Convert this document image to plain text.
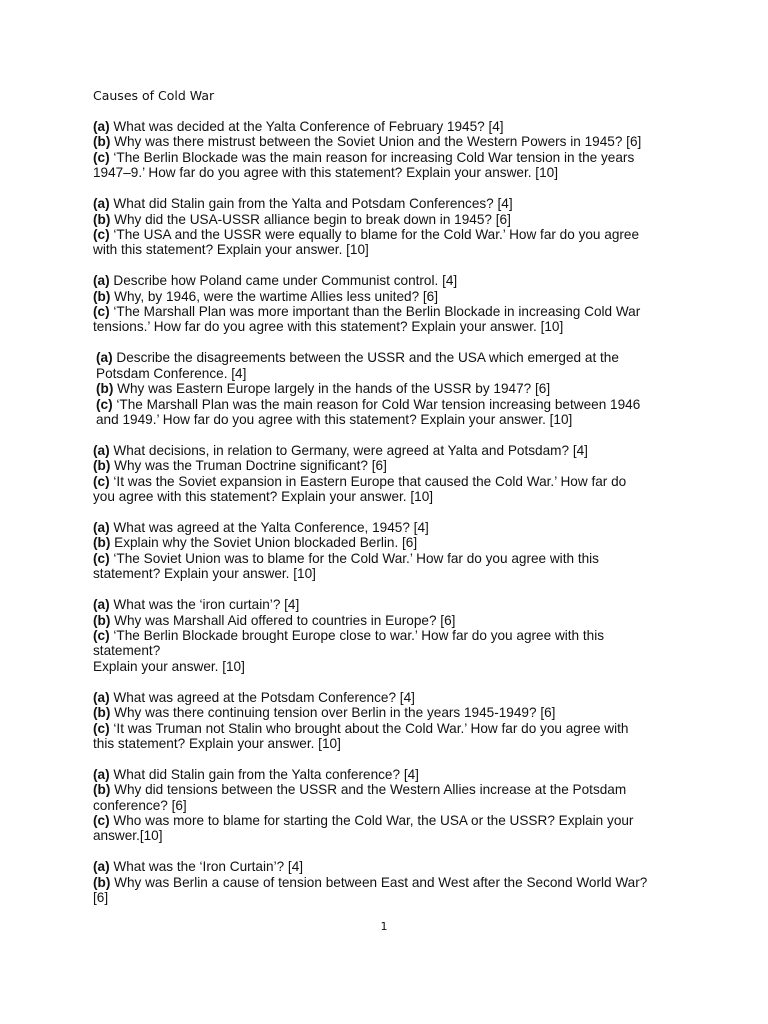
Causes of Cold War

(a) What was decided at the Yalta Conference of February 1945? [4]

(b) Why was there mistrust between the Soviet Union and the Western Powers in 1945? [6]

(c) ‘The Berlin Blockade was the main reason for increasing Cold War tension in the years

1947–9.’ How far do you agree with this statement? Explain your answer. [10]

(a) What did Stalin gain from the Yalta and Potsdam Conferences? [4]

(b) Why did the USA-USSR alliance begin to break down in 1945? [6]

(c) ‘The USA and the USSR were equally to blame for the Cold War.’ How far do you agree

with this statement? Explain your answer. [10]

(a) Describe how Poland came under Communist control. [4]

(b) Why, by 1946, were the wartime Allies less united? [6]

(c) ‘The Marshall Plan was more important than the Berlin Blockade in increasing Cold War

tensions.’ How far do you agree with this statement? Explain your answer. [10]

(a) Describe the disagreements between the USSR and the USA which emerged at the

Potsdam Conference. [4]

(b) Why was Eastern Europe largely in the hands of the USSR by 1947? [6]

(c) ‘The Marshall Plan was the main reason for Cold War tension increasing between 1946

and 1949.’ How far do you agree with this statement? Explain your answer. [10]

(a) What decisions, in relation to Germany, were agreed at Yalta and Potsdam? [4]

(b) Why was the Truman Doctrine significant? [6]

(c) ‘It was the Soviet expansion in Eastern Europe that caused the Cold War.’ How far do

you agree with this statement? Explain your answer. [10]

(a) What was agreed at the Yalta Conference, 1945? [4]

(b) Explain why the Soviet Union blockaded Berlin. [6]

(c) ‘The Soviet Union was to blame for the Cold War.’ How far do you agree with this

statement? Explain your answer. [10]

(a) What was the ‘iron curtain’? [4]

(b) Why was Marshall Aid offered to countries in Europe? [6]

(c) ‘The Berlin Blockade brought Europe close to war.’ How far do you agree with this

statement?

Explain your answer. [10]

(a) What was agreed at the Potsdam Conference? [4]

(b) Why was there continuing tension over Berlin in the years 1945-1949? [6]

(c) ‘It was Truman not Stalin who brought about the Cold War.’ How far do you agree with

this statement? Explain your answer. [10]

(a) What did Stalin gain from the Yalta conference? [4]

(b) Why did tensions between the USSR and the Western Allies increase at the Potsdam

conference? [6]

(c) Who was more to blame for starting the Cold War, the USA or the USSR? Explain your

answer.[10]

(a) What was the ‘Iron Curtain’? [4]

(b) Why was Berlin a cause of tension between East and West after the Second World War?

[6]

1
